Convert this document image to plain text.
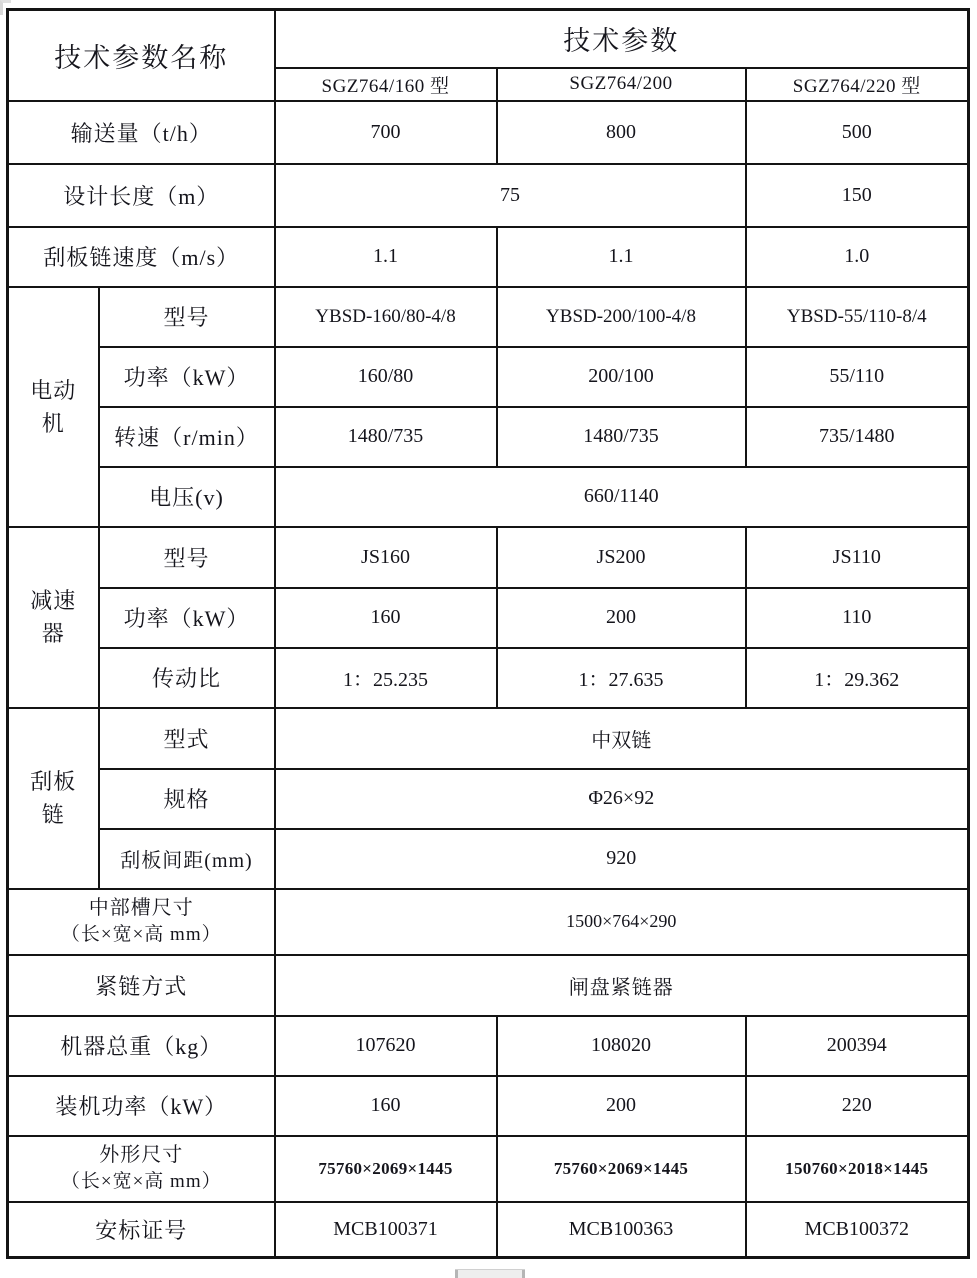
技术参数名称		技术参数		
		SGZ764/160 型	SGZ764/200	SGZ764/220 型
输送量（t/h）		700	800	500
设计长度（m）		75		150
刮板链速度（m/s）		1.1	1.1	1.0
电动机	型号	YBSD-160/80-4/8	YBSD-200/100-4/8	YBSD-55/110-8/4
	功率（kW）	160/80	200/100	55/110
	转速（r/min）	1480/735	1480/735	735/1480
	电压(v)	660/1140		
减速器	型号	JS160	JS200	JS110
	功率（kW）	160	200	110
	传动比	1：25.235	1：27.635	1：29.362
刮板链	型式	中双链		
	规格	Φ26×92		
	刮板间距(mm)	920		

中部槽尺寸
（长×宽×高 mm）		1500×764×290		
紧链方式		闸盘紧链器		
机器总重（kg）		107620	108020	200394
装机功率（kW）		160	200	220

外形尺寸
（长×宽×高 mm）		75760×2069×1445	75760×2069×1445	150760×2018×1445
安标证号		MCB100371	MCB100363	MCB100372
